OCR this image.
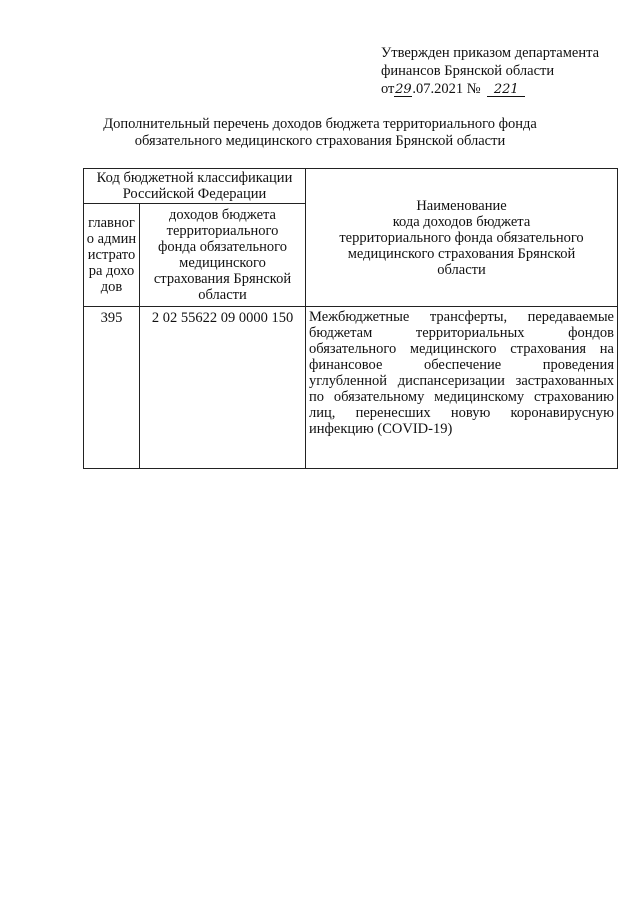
Утвержден приказом департамента
финансов Брянской области
от29.07.2021 № 221
Дополнительный перечень доходов бюджета территориального фонда
обязательного медицинского страхования Брянской области
Код бюджетной классификации Российской Федерации		Наименование
кода доходов бюджета территориального фонда обязательного медицинского страхования Брянской области

главного администратора доходов	доходов бюджета территориального фонда обязательного медицинского страхования Брянской области	

395	2 02 55622 09 0000 150	Межбюджетные трансферты, передаваемые бюджетам территориальных фондов обязательного медицинского страхования на финансовое обеспечение проведения углубленной диспансеризации застрахованных по обязательному медицинскому страхованию лиц, перенесших новую коронавирусную инфекцию (COVID-19)
